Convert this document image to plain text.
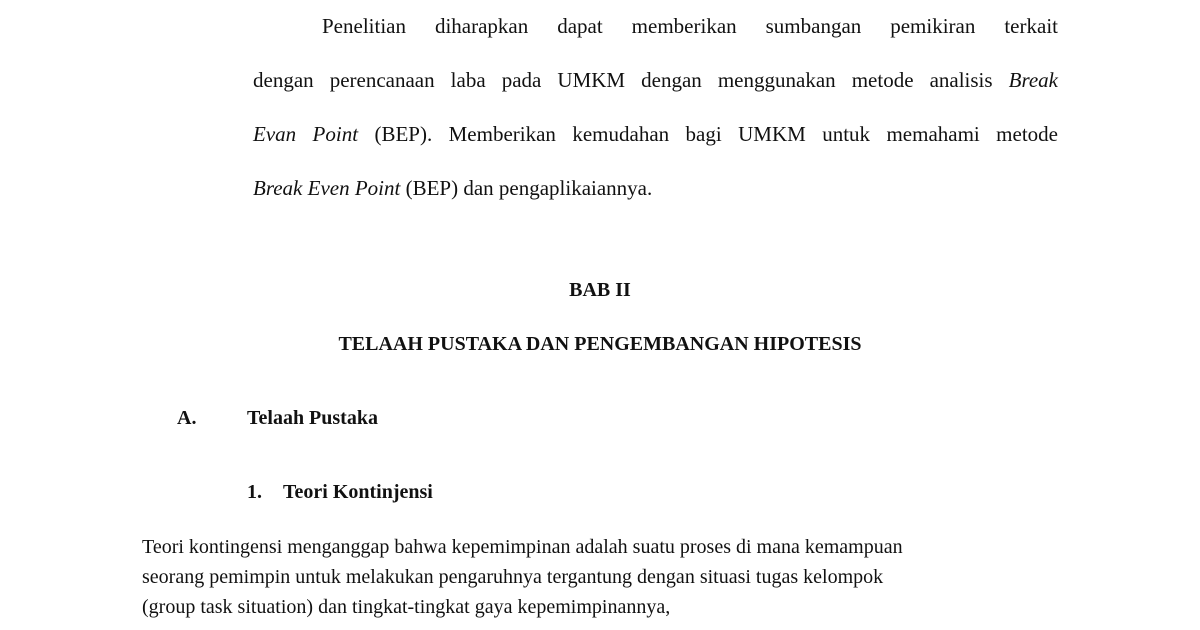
Penelitian diharapkan dapat memberikan sumbangan pemikiran terkait
dengan perencanaan laba pada UMKM dengan menggunakan metode analisis Break
Evan Point (BEP). Memberikan kemudahan bagi UMKM untuk memahami metode
Break Even Point (BEP) dan pengaplikaiannya.
BAB II
TELAAH PUSTAKA DAN PENGEMBANGAN HIPOTESIS
A.	Telaah Pustaka
1. Teori Kontinjensi
Teori kontingensi menganggap bahwa kepemimpinan adalah suatu proses di mana kemampuan
seorang pemimpin untuk melakukan pengaruhnya tergantung dengan situasi tugas kelompok
(group task situation) dan tingkat-tingkat gaya kepemimpinannya,
